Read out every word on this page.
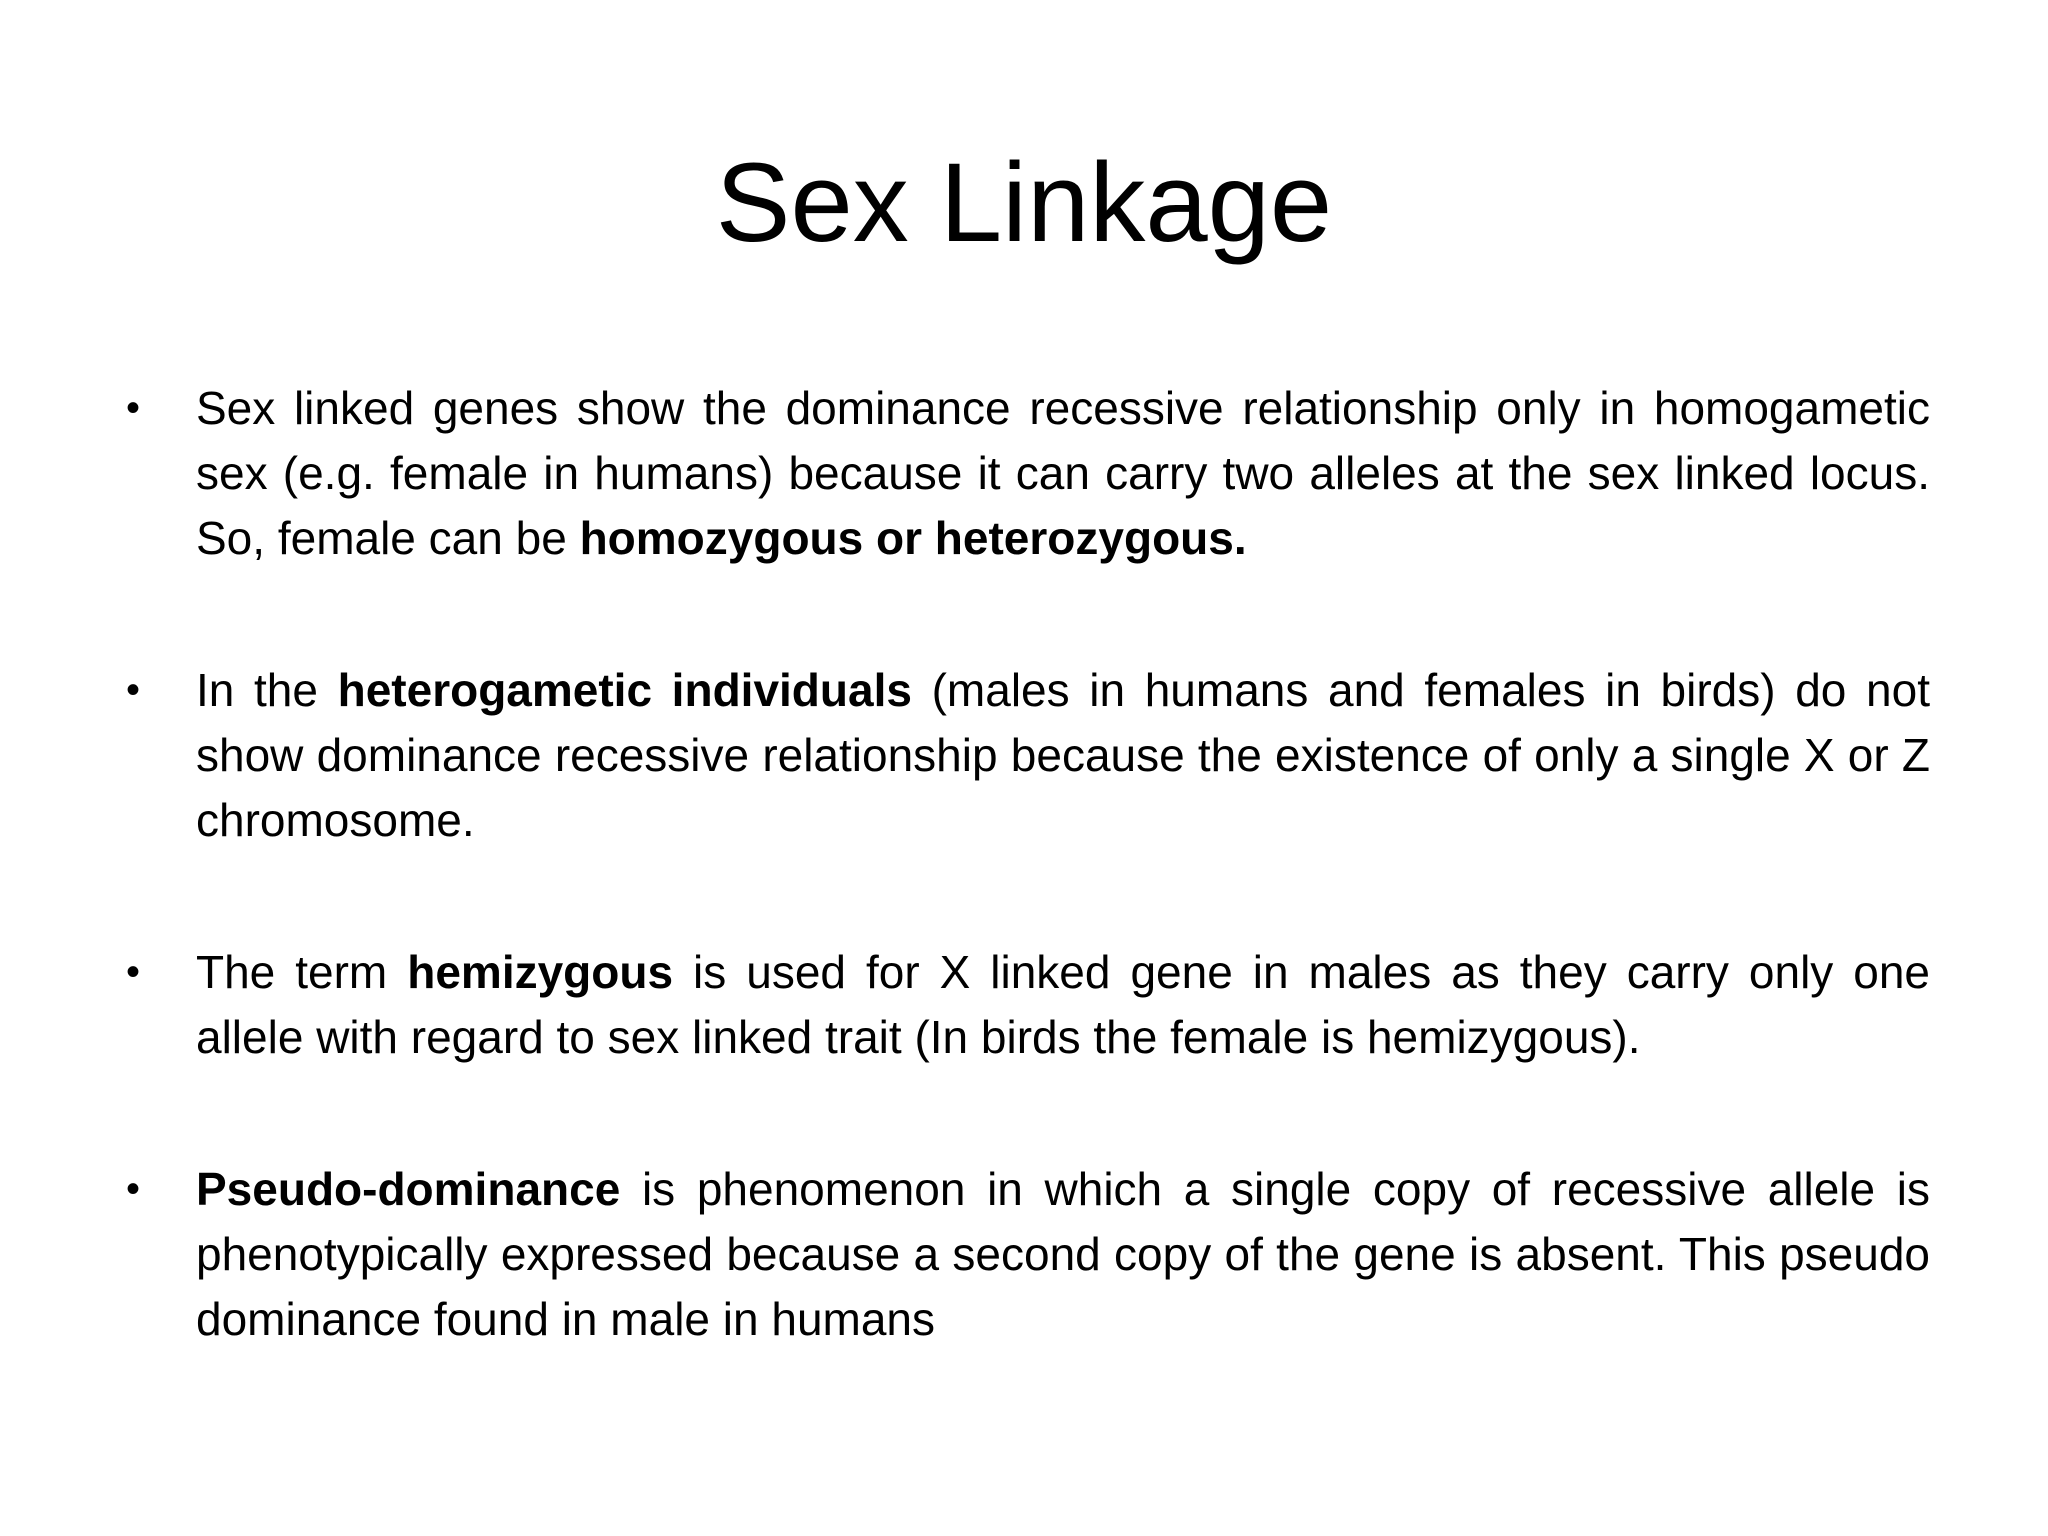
Sex Linkage
• Sex linked genes show the dominance recessive relationship only in homogametic sex (e.g. female in humans) because it can carry two alleles at the sex linked locus. So, female can be homozygous or heterozygous.
• In the heterogametic individuals (males in humans and females in birds) do not show dominance recessive relationship because the existence of only a single X or Z chromosome.
• The term hemizygous is used for X linked gene in males as they carry only one allele with regard to sex linked trait (In birds the female is hemizygous).
• Pseudo-dominance is phenomenon in which a single copy of recessive allele is phenotypically expressed because a second copy of the gene is absent. This pseudo dominance found in male in humans
